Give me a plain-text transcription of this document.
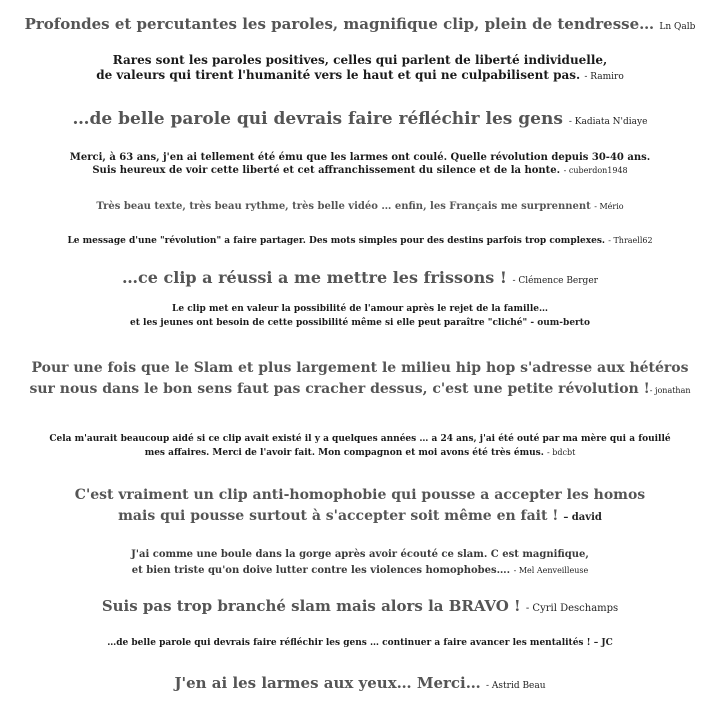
Profondes et percutantes les paroles, magnifique clip, plein de tendresse… Ln Qalb
Rares sont les paroles positives, celles qui parlent de liberté individuelle,
de valeurs qui tirent l'humanité vers le haut et qui ne culpabilisent pas. - Ramiro
…de belle parole qui devrais faire réfléchir les gens - Kadiata N'diaye
Merci, à 63 ans, j'en ai tellement été ému que les larmes ont coulé. Quelle révolution depuis 30-40 ans.
Suis heureux de voir cette liberté et cet affranchissement du silence et de la honte. - cuberdon1948
Très beau texte, très beau rythme, très belle vidéo … enfin, les Français me surprennent - Mério
Le message d'une "révolution" a faire partager. Des mots simples pour des destins parfois trop complexes. - Thraell62
…ce clip a réussi a me mettre les frissons ! - Clémence Berger
Le clip met en valeur la possibilité de l'amour après le rejet de la famille…
et les jeunes ont besoin de cette possibilité même si elle peut paraître "cliché" - oum-berto
Pour une fois que le Slam et plus largement le milieu hip hop s'adresse aux hétéros
sur nous dans le bon sens faut pas cracher dessus, c'est une petite révolution !- jonathan
Cela m'aurait beaucoup aidé si ce clip avait existé il y a quelques années … a 24 ans, j'ai été outé par ma mère qui a fouillé
mes affaires. Merci de l'avoir fait. Mon compagnon et moi avons été très émus. - bdcbt
C'est vraiment un clip anti-homophobie qui pousse a accepter les homos
mais qui pousse surtout à s'accepter soit même en fait ! – david
J'ai comme une boule dans la gorge après avoir écouté ce slam. C est magnifique,
et bien triste qu'on doive lutter contre les violences homophobes…. - Mel Aenveilleuse
Suis pas trop branché slam mais alors la BRAVO ! - Cyril Deschamps
…de belle parole qui devrais faire réfléchir les gens … continuer a faire avancer les mentalités ! – JC
J'en ai les larmes aux yeux… Merci… - Astrid Beau
